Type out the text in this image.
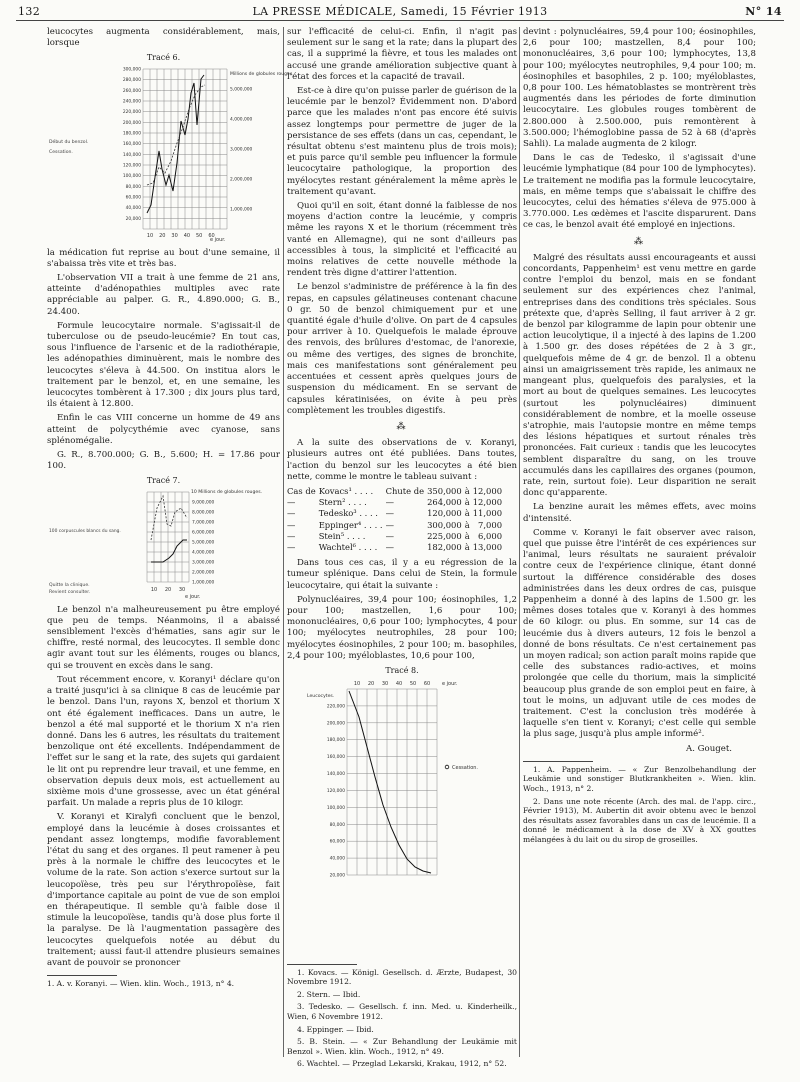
132	LA PRESSE MÉDICALE, Samedi, 15 Février 1913	N° 14

leucocytes augmenta considérablement, mais, lorsque

Tracé 6.
300,000
280,000
260,000
240,000
220,000
200,000
180,000
160,000
140,000
120,000
100,000
80,000
60,000
40,000
20,000
5,000,000
4,000,000
3,000,000
2,000,000
1,000,000
10 20 30 40 50 60
Millions de globules rouges.
Début du benzol.
Cessation.
e jour.

la médication fut reprise au bout d'une semaine, il s'abaissa très vite et très bas.

L'observation VII a trait à une femme de 21 ans, atteinte d'adénopathies multiples avec rate appréciable au palper. G. R., 4.890.000; G. B., 24.400.

Formule leucocytaire normale. S'agissait-il de tuberculose ou de pseudo-leucémie? En tout cas, sous l'influence de l'arsenic et de la radiothérapie, les adénopathies diminuèrent, mais le nombre des leucocytes s'éleva à 44.500. On institua alors le traitement par le benzol, et, en une semaine, les leucocytes tombèrent à 17.300 ; dix jours plus tard, ils étaient à 12.800.

Enfin le cas VIII concerne un homme de 49 ans atteint de polycythémie avec cyanose, sans splénomégalie.

G. R., 8.700.000; G. B., 5.600; H. = 17.86 pour 100.

Tracé 7.
9,000,000
8,000,000
7,000,000
6,000,000
5,000,000
4,000,000
3,000,000
2,000,000
1,000,000
10 20 30
10 Millions de globules rouges.
100 corpuscules blancs du sang.
Quitte la clinique.
Revient consulter.
e jour.

Le benzol n'a malheureusement pu être employé que peu de temps. Néanmoins, il a abaissé sensiblement l'excès d'hématies, sans agir sur le chiffre, resté normal, des leucocytes. Il semble donc agir avant tout sur les éléments, rouges ou blancs, qui se trouvent en excès dans le sang.

Tout récemment encore, v. Koranyi¹ déclare qu'on a traité jusqu'ici à sa clinique 8 cas de leucémie par le benzol. Dans l'un, rayons X, benzol et thorium X ont été également inefficaces. Dans un autre, le benzol a été mal supporté et le thorium X n'a rien donné. Dans les 6 autres, les résultats du traitement benzolique ont été excellents. Indépendamment de l'effet sur le sang et la rate, des sujets qui gardaient le lit ont pu reprendre leur travail, et une femme, en observation depuis deux mois, est actuellement au sixième mois d'une grossesse, avec un état général parfait. Un malade a repris plus de 10 kilogr.

V. Koranyi et Kiralyfi concluent que le benzol, employé dans la leucémie à doses croissantes et pendant assez longtemps, modifie favorablement l'état du sang et des organes. Il peut ramener à peu près à la normale le chiffre des leucocytes et le volume de la rate. Son action s'exerce surtout sur la leucopoïèse, très peu sur l'érythropoïèse, fait d'importance capitale au point de vue de son emploi en thérapeutique. Il semble qu'à faible dose il stimule la leucopoïèse, tandis qu'à dose plus forte il la paralyse. De là l'augmentation passagère des leucocytes quelquefois notée au début du traitement; aussi faut-il attendre plusieurs semaines avant de pouvoir se prononcer

1. A. v. Koranyi. — Wien. klin. Woch., 1913, n° 4.

sur l'efficacité de celui-ci. Enfin, il n'agit pas seulement sur le sang et la rate; dans la plupart des cas, il a supprimé la fièvre, et tous les malades ont accusé une grande amélioration subjective quant à l'état des forces et la capacité de travail.

Est-ce à dire qu'on puisse parler de guérison de la leucémie par le benzol? Évidemment non. D'abord parce que les malades n'ont pas encore été suivis assez longtemps pour permettre de juger de la persistance de ses effets (dans un cas, cependant, le résultat obtenu s'est maintenu plus de trois mois); et puis parce qu'il semble peu influencer la formule leucocytaire pathologique, la proportion des myélocytes restant généralement la même après le traitement qu'avant.

Quoi qu'il en soit, étant donné la faiblesse de nos moyens d'action contre la leucémie, y compris même les rayons X et le thorium (récemment très vanté en Allemagne), qui ne sont d'ailleurs pas accessibles à tous, la simplicité et l'efficacité au moins relatives de cette nouvelle méthode la rendent très digne d'attirer l'attention.

Le benzol s'administre de préférence à la fin des repas, en capsules gélatineuses contenant chacune 0 gr. 50 de benzol chimiquement pur et une quantité égale d'huile d'olive. On part de 4 capsules pour arriver à 10. Quelquefois le malade éprouve des renvois, des brûlures d'estomac, de l'anorexie, ou même des vertiges, des signes de bronchite, mais ces manifestations sont généralement peu accentuées et cessent après quelques jours de suspension du médicament. En se servant de capsules kératinisées, on évite à peu près complètement les troubles digestifs.

⁂

A la suite des observations de v. Koranyi, plusieurs autres ont été publiées. Dans toutes, l'action du benzol sur les leucocytes a été bien nette, comme le montre le tableau suivant :

Cas de	Kovacs¹ . . . .	Chute de	350,000	à	12,000
—	Stern² . . . .	—	264,000	à	12,000
—	Tedesko³ . . . .	—	120,000	à	11,000
—	Eppinger⁴ . . . .	—	300,000	à	7,000
—	Stein⁵ . . . .	—	225,000	à	6,000
—	Wachtel⁶ . . . .	—	182,000	à	13,000

Dans tous ces cas, il y a eu régression de la tumeur splénique. Dans celui de Stein, la formule leucocytaire, qui était la suivante :

Polynucléaires, 39,4 pour 100; éosinophiles, 1,2 pour 100; mastzellen, 1,6 pour 100; mononucléaires, 0,6 pour 100; lymphocytes, 4 pour 100; myélocytes neutrophiles, 28 pour 100; myélocytes éosinophiles, 2 pour 100; m. basophiles, 2,4 pour 100; myéloblastes, 10,6 pour 100,

Tracé 8.
220,000
200,000
180,000
160,000
140,000
120,000
100,000
80,000
60,000
40,000
20,000
10 20 30 40 50 60
Cessation.
Leucocytes.
e jour.

1. Kovacs. — Königl. Gesellsch. d. Ærzte, Budapest, 30 Novembre 1912.

2. Stern. — Ibid.

3. Tedesko. — Gesellsch. f. inn. Med. u. Kinderheilk., Wien, 6 Novembre 1912.

4. Eppinger. — Ibid.

5. B. Stein. — « Zur Behandlung der Leukämie mit Benzol ». Wien. klin. Woch., 1912, n° 49.

6. Wachtel. — Przeglad Lekarski, Krakau, 1912, n° 52.

devint : polynucléaires, 59,4 pour 100; éosinophiles, 2,6 pour 100; mastzellen, 8,4 pour 100; mononucléaires, 3,6 pour 100; lymphocytes, 13,8 pour 100; myélocytes neutrophiles, 9,4 pour 100; m. éosinophiles et basophiles, 2 p. 100; myéloblastes, 0,8 pour 100. Les hématoblastes se montrèrent très augmentés dans les périodes de forte diminution leucocytaire. Les globules rouges tombèrent de 2.800.000 à 2.500.000, puis remontèrent à 3.500.000; l'hémoglobine passa de 52 à 68 (d'après Sahli). La malade augmenta de 2 kilogr.

Dans le cas de Tedesko, il s'agissait d'une leucémie lymphatique (84 pour 100 de lymphocytes). Le traitement ne modifia pas la formule leucocytaire, mais, en même temps que s'abaissait le chiffre des leucocytes, celui des hématies s'éleva de 975.000 à 3.770.000. Les œdèmes et l'ascite disparurent. Dans ce cas, le benzol avait été employé en injections.

⁂

Malgré des résultats aussi encourageants et aussi concordants, Pappenheim¹ est venu mettre en garde contre l'emploi du benzol, mais en se fondant seulement sur des expériences chez l'animal, entreprises dans des conditions très spéciales. Sous prétexte que, d'après Selling, il faut arriver à 2 gr. de benzol par kilogramme de lapin pour obtenir une action leucolytique, il a injecté à des lapins de 1.200 à 1.500 gr. des doses répétées de 2 à 3 gr., quelquefois même de 4 gr. de benzol. Il a obtenu ainsi un amaigrissement très rapide, les animaux ne mangeant plus, quelquefois des paralysies, et la mort au bout de quelques semaines. Les leucocytes (surtout les polynucléaires) diminuent considérablement de nombre, et la moelle osseuse s'atrophie, mais l'autopsie montre en même temps des lésions hépatiques et surtout rénales très prononcées. Fait curieux : tandis que les leucocytes semblent disparaître du sang, on les trouve accumulés dans les capillaires des organes (poumon, rate, rein, surtout foie). Leur disparition ne serait donc qu'apparente.

La benzine aurait les mêmes effets, avec moins d'intensité.

Comme v. Koranyi le fait observer avec raison, quel que puisse être l'intérêt de ces expériences sur l'animal, leurs résultats ne sauraient prévaloir contre ceux de l'expérience clinique, étant donné surtout la différence considérable des doses administrées dans les deux ordres de cas, puisque Pappenheim a donné à des lapins de 1.500 gr. les mêmes doses totales que v. Koranyi à des hommes de 60 kilogr. ou plus. En somme, sur 14 cas de leucémie dus à divers auteurs, 12 fois le benzol a donné de bons résultats. Ce n'est certainement pas un moyen radical; son action paraît moins rapide que celle des substances radio-actives, et moins prolongée que celle du thorium, mais la simplicité beaucoup plus grande de son emploi peut en faire, à tout le moins, un adjuvant utile de ces modes de traitement. C'est la conclusion très modérée à laquelle s'en tient v. Koranyi; c'est celle qui semble la plus sage, jusqu'à plus ample informé².

A. Gouget.

1. A. Pappenheim. — « Zur Benzolbehandlung der Leukämie und sonstiger Blutkrankheiten ». Wien. klin. Woch., 1913, n° 2.

2. Dans une note récente (Arch. des mal. de l'app. circ., Février 1913), M. Aubertin dit avoir obtenu avec le benzol des résultats assez favorables dans un cas de leucémie. Il a donné le médicament à la dose de XV à XX gouttes mélangées à du lait ou du sirop de groseilles.
